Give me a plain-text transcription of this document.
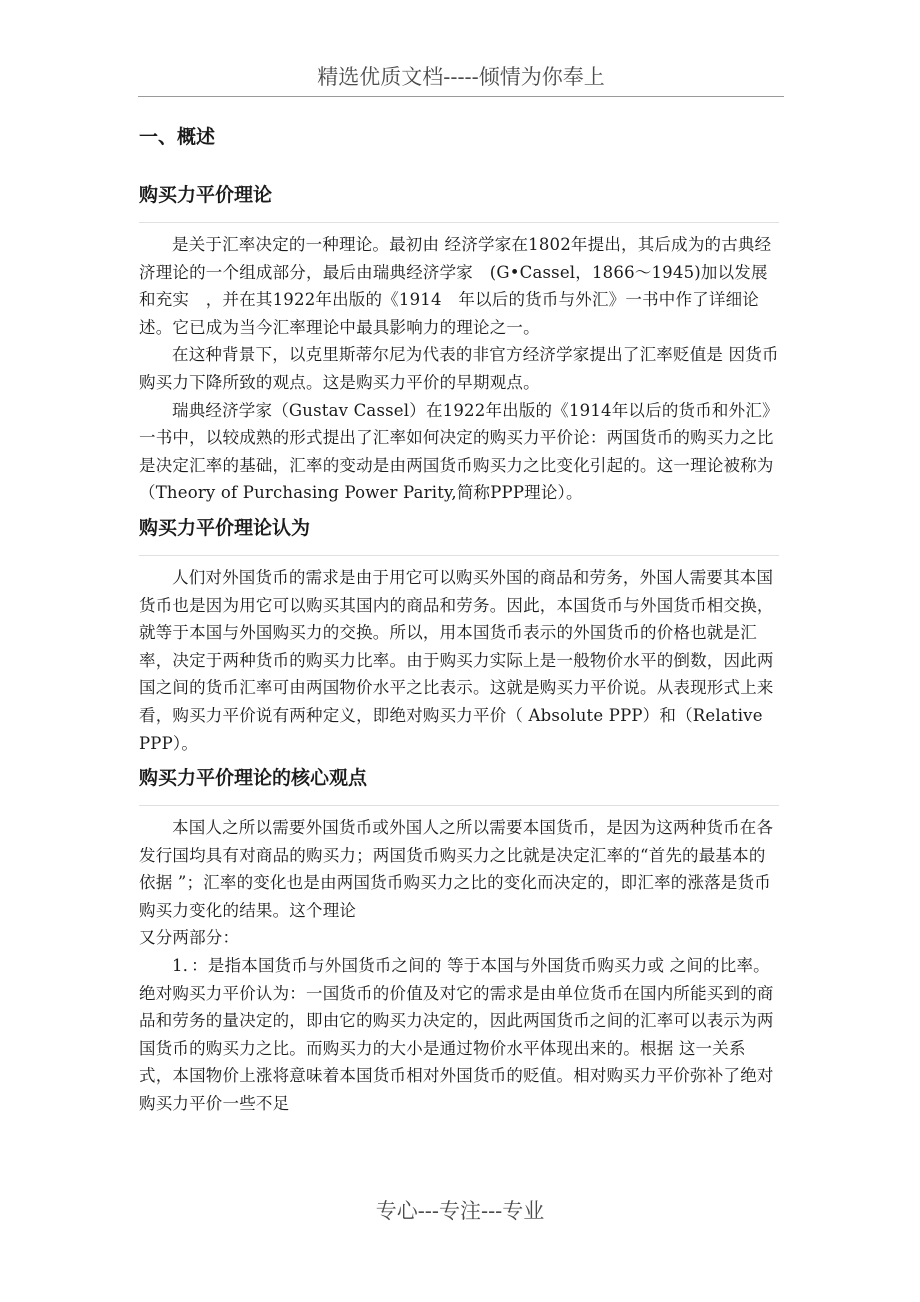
精选优质文档-----倾情为你奉上
一、概述
购买力平价理论

是关于汇率决定的一种理论。最初由 经济学家在1802年提出，其后成为的古典经济理论的一个组成部分，最后由瑞典经济学家　(G•Cassel，1866～1945)加以发展和充实　，并在其1922年出版的《1914　年以后的货币与外汇》一书中作了详细论述。它已成为当今汇率理论中最具影响力的理论之一。

在这种背景下，以克里斯蒂尔尼为代表的非官方经济学家提出了汇率贬值是 因货币购买力下降所致的观点。这是购买力平价的早期观点。

瑞典经济学家（Gustav Cassel）在1922年出版的《1914年以后的货币和外汇》一书中，以较成熟的形式提出了汇率如何决定的购买力平价论：两国货币的购买力之比是决定汇率的基础，汇率的变动是由两国货币购买力之比变化引起的。这一理论被称为　（Theory of Purchasing Power Parity,简称PPP理论）。

购买力平价理论认为

人们对外国货币的需求是由于用它可以购买外国的商品和劳务，外国人需要其本国货币也是因为用它可以购买其国内的商品和劳务。因此，本国货币与外国货币相交换，就等于本国与外国购买力的交换。所以，用本国货币表示的外国货币的价格也就是汇率，决定于两种货币的购买力比率。由于购买力实际上是一般物价水平的倒数，因此两国之间的货币汇率可由两国物价水平之比表示。这就是购买力平价说。从表现形式上来看，购买力平价说有两种定义，即绝对购买力平价（ Absolute PPP）和（Relative PPP）。

购买力平价理论的核心观点

本国人之所以需要外国货币或外国人之所以需要本国货币，是因为这两种货币在各发行国均具有对商品的购买力；两国货币购买力之比就是决定汇率的“首先的最基本的依据 ”；汇率的变化也是由两国货币购买力之比的变化而决定的，即汇率的涨落是货币购买力变化的结果。这个理论

又分两部分：

1．：是指本国货币与外国货币之间的 等于本国与外国货币购买力或 之间的比率。　绝对购买力平价认为：一国货币的价值及对它的需求是由单位货币在国内所能买到的商品和劳务的量决定的，即由它的购买力决定的，因此两国货币之间的汇率可以表示为两国货币的购买力之比。而购买力的大小是通过物价水平体现出来的。根据 这一关系式，本国物价上涨将意味着本国货币相对外国货币的贬值。相对购买力平价弥补了绝对购买力平价一些不足

专心---专注---专业
